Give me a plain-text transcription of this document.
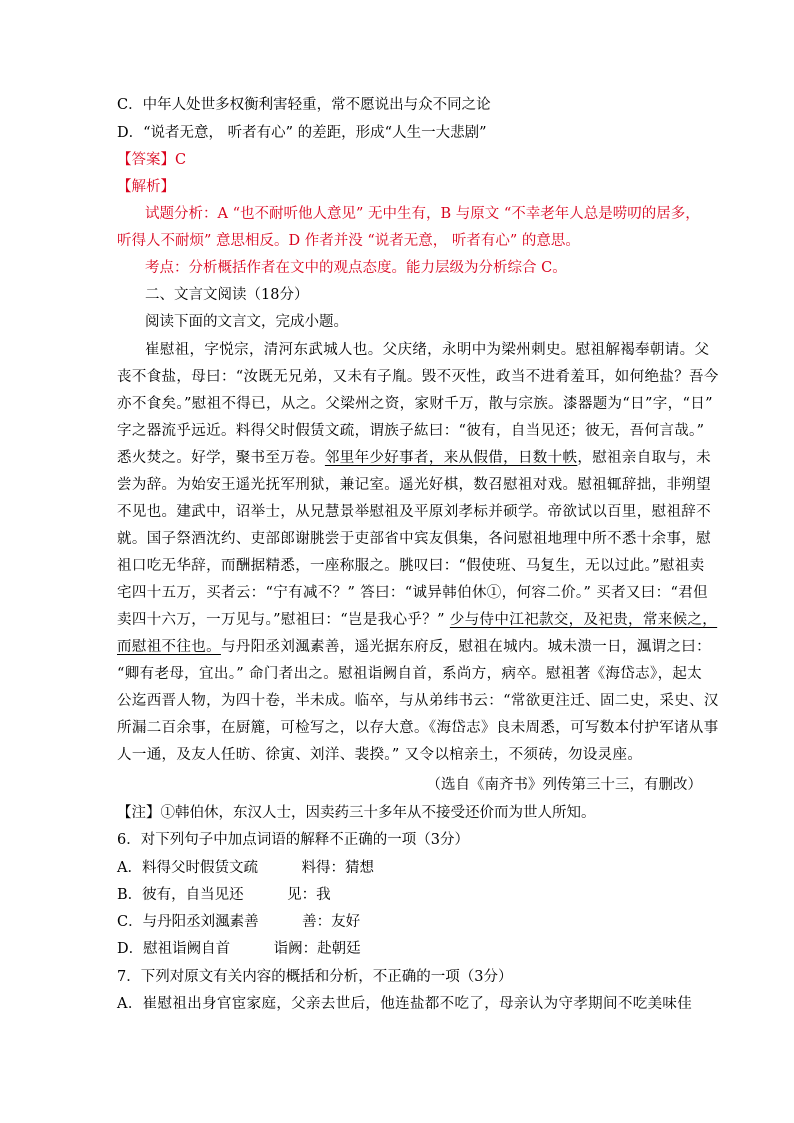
C．中年人处世多权衡利害轻重，常不愿说出与众不同之论
D．“说者无意， 听者有心” 的差距，形成“人生一大悲剧”
【答案】C
【解析】
试题分析：A “也不耐听他人意见” 无中生有，B 与原文 “不幸老年人总是唠叨的居多，
听得人不耐烦” 意思相反。D 作者并没 “说者无意， 听者有心” 的意思。
考点：分析概括作者在文中的观点态度。能力层级为分析综合 C。
二、文言文阅读（18分）
阅读下面的文言文，完成小题。
崔慰祖，字悦宗，清河东武城人也。父庆绪，永明中为梁州刺史。慰祖解褐奉朝请。父
丧不食盐，母曰：“汝既无兄弟，又未有子胤。毁不灭性，政当不进肴羞耳，如何绝盐？吾今
亦不食矣。”慰祖不得已，从之。父梁州之资，家财千万，散与宗族。漆器题为“日”字，“日”
字之器流乎远近。料得父时假赁文疏，谓族子紘曰：“彼有，自当见还；彼无，吾何言哉。”
悉火焚之。好学，聚书至万卷。邻里年少好事者，来从假借，日数十帙，慰祖亲自取与，未
尝为辞。为始安王遥光抚军刑狱，兼记室。遥光好棋，数召慰祖对戏。慰祖辄辞拙，非朔望
不见也。建武中，诏举士，从兄慧景举慰祖及平原刘孝标并硕学。帝欲试以百里，慰祖辞不
就。国子祭酒沈约、吏部郎谢朓尝于吏部省中宾友俱集，各问慰祖地理中所不悉十余事，慰
祖口吃无华辞，而酬据精悉，一座称服之。朓叹曰：“假使班、马复生，无以过此。”慰祖卖
宅四十五万，买者云：“宁有减不？” 答曰：“诚异韩伯休①，何容二价。” 买者又曰：“君但
卖四十六万，一万见与。”慰祖曰：“岂是我心乎？” 少与侍中江祀款交，及祀贵，常来候之，
而慰祖不往也。与丹阳丞刘渢素善，遥光据东府反，慰祖在城内。城未溃一日，渢谓之曰：
“卿有老母，宜出。” 命门者出之。慰祖诣阙自首，系尚方，病卒。慰祖著《海岱志》，起太
公迄西晋人物，为四十卷，半未成。临卒，与从弟纬书云：“常欲更注迁、固二史，采史、汉
所漏二百余事，在厨簏，可检写之，以存大意。《海岱志》良未周悉，可写数本付护军诸从事
人一通，及友人任昉、徐寅、刘洋、裴揆。” 又令以棺亲土，不须砖，勿设灵座。
（选自《南齐书》列传第三十三，有删改）
【注】①韩伯休，东汉人士，因卖药三十多年从不接受还价而为世人所知。
6．对下列句子中加点词语的解释不正确的一项（3分）
A．料得父时假赁文疏　　　料得：猜想
B．彼有，自当见还　　　见：我
C．与丹阳丞刘渢素善　　　善：友好
D．慰祖诣阙自首　　　诣阙：赴朝廷
7．下列对原文有关内容的概括和分析，不正确的一项（3分）
A．崔慰祖出身官宦家庭，父亲去世后，他连盐都不吃了，母亲认为守孝期间不吃美味佳
